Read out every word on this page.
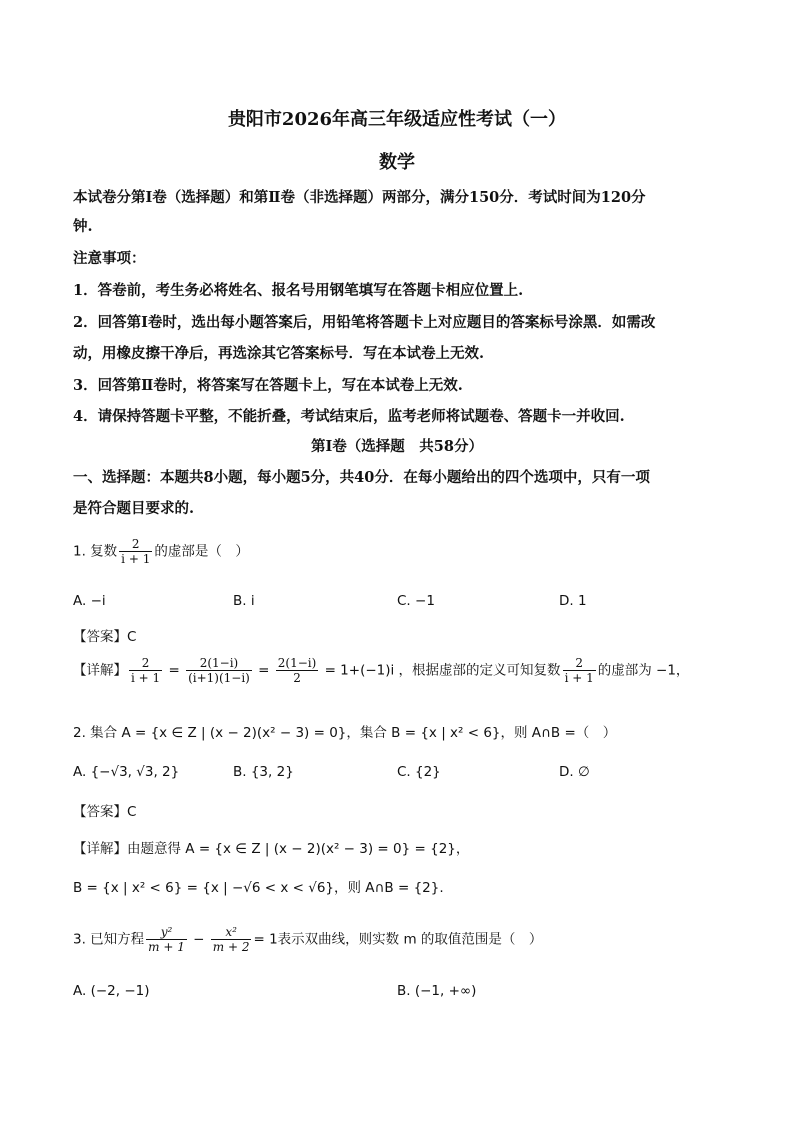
贵阳市2026年高三年级适应性考试（一）
数学
本试卷分第Ⅰ卷（选择题）和第Ⅱ卷（非选择题）两部分，满分150分．考试时间为120分
钟.
注意事项：
1．答卷前，考生务必将姓名、报名号用钢笔填写在答题卡相应位置上.
2．回答第Ⅰ卷时，选出每小题答案后，用铅笔将答题卡上对应题目的答案标号涂黑．如需改
动，用橡皮擦干净后，再选涂其它答案标号．写在本试卷上无效.
3．回答第Ⅱ卷时，将答案写在答题卡上，写在本试卷上无效.
4．请保持答题卡平整，不能折叠，考试结束后，监考老师将试题卷、答题卡一并收回.
第Ⅰ卷（选择题　共58分）
一、选择题：本题共8小题，每小题5分，共40分．在每小题给出的四个选项中，只有一项
是符合题目要求的.
1. 复数 $\frac{2}{i + 1}$ 的虚部是（　）
A. −i	B. i	C. −1	D. 1
【答案】C
【详解】 $\frac{2}{i + 1} = \frac{2(1-i)}{(i+1)(1-i)} = \frac{2(1-i)}{2} = 1+(-1)i$ ，根据虚部的定义可知复数 $\frac{2}{i + 1}$ 的虚部为 −1，
2. 集合 A = {x ∈ Z | (x − 2)(x² − 3) = 0}，集合 B = {x | x² < 6}，则 A∩B =（　）
A. {−√3, √3, 2}	B. {3, 2}	C. {2}	D. ∅
【答案】C
【详解】由题意得 A = {x ∈ Z | (x − 2)(x² − 3) = 0} = {2}，
B = {x | x² < 6} = {x | −√6 < x < √6}，则 A∩B = {2}.
3. 已知方程 $\frac{\text{y²}}{m + 1} - \frac{\text{x²}}{m + 2} = 1$表示双曲线，则实数 m 的取值范围是（　）
A. (−2, −1)	B. (−1, +∞)
